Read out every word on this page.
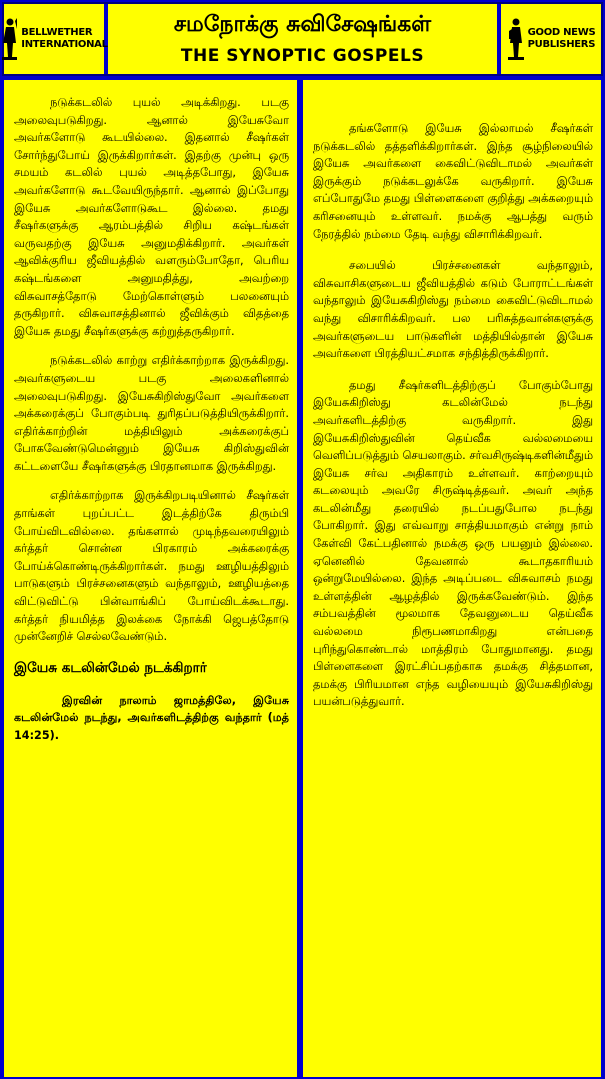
BELLWETHER
INTERNATIONAL
சமநோக்கு சுவிசேஷங்கள்
THE SYNOPTIC GOSPELS
GOOD NEWS
PUBLISHERS

நடுக்கடலில் புயல் அடிக்கிறது. படகு அலைவுபடுகிறது. ஆனால் இயேசுவோ அவர்களோடு கூடயில்லை. இதனால் சீஷர்கள் சோர்ந்துபோய் இருக்கிறார்கள். இதற்கு முன்பு ஒரு சமயம் கடலில் புயல் அடித்தபோது, இயேசு அவர்களோடு கூடவேயிருந்தார். ஆனால் இப்போது இயேசு அவர்களோடுகூட இல்லை. தமது சீஷர்களுக்கு ஆரம்பத்தில் சிறிய கஷ்டங்கள் வருவதற்கு இயேசு அனுமதிக்கிறார். அவர்கள் ஆவிக்குரிய ஜீவியத்தில் வளரும்போதோ, பெரிய கஷ்டங்களை அனுமதித்து, அவற்றை விசுவாசத்தோடு மேற்கொள்ளும் பலனையும் தருகிறார். விசுவாசத்தினால் ஜீவிக்கும் விதத்தை இயேசு தமது சீஷர்களுக்கு கற்றுத்தருகிறார்.

நடுக்கடலில் காற்று எதிர்க்காற்றாக இருக்கிறது. அவர்களுடைய படகு அலைகளினால் அலைவுபடுகிறது. இயேசுகிறிஸ்துவோ அவர்களை அக்கரைக்குப் போகும்படி துரிதப்படுத்தியிருக்கிறார். எதிர்க்காற்றின் மத்தியிலும் அக்கரைக்குப் போகவேண்டுமென்னும் இயேசு கிறிஸ்துவின் கட்டளையே சீஷர்களுக்கு பிரதானமாக இருக்கிறது.

எதிர்க்காற்றாக இருக்கிறபடியினால் சீஷர்கள் தாங்கள் புறப்பட்ட இடத்திற்கே திரும்பி போய்விடவில்லை. தங்களால் முடிந்தவரையிலும் கர்த்தர் சொன்ன பிரகாரம் அக்கரைக்கு போய்க்கொண்டிருக்கிறார்கள். நமது ஊழியத்திலும் பாடுகளும் பிரச்சனைகளும் வந்தாலும், ஊழியத்தை விட்டுவிட்டு பின்வாங்கிப் போய்விடக்கூடாது. கர்த்தர் நியமித்த இலக்கை நோக்கி ஜெபத்தோடு முன்னேறிச் செல்லவேண்டும்.

இயேசு கடலின்மேல் நடக்கிறார்

இரவின் நாலாம் ஜாமத்திலே, இயேசு கடலின்மேல் நடந்து, அவர்களிடத்திற்கு வந்தார் (மத் 14:25).

தங்களோடு இயேசு இல்லாமல் சீஷர்கள் நடுக்கடலில் தத்தளிக்கிறார்கள். இந்த சூழ்நிலையில் இயேசு அவர்களை கைவிட்டுவிடாமல் அவர்கள் இருக்கும் நடுக்கடலுக்கே வருகிறார். இயேசு எப்போதுமே தமது பிள்ளைகளை குறித்து அக்கறையும் கரிசனையும் உள்ளவர். நமக்கு ஆபத்து வரும் நேரத்தில் நம்மை தேடி வந்து விசாரிக்கிறவர்.

சபையில் பிரச்சனைகள் வந்தாலும், விசுவாசிகளுடைய ஜீவியத்தில் கடும் போராட்டங்கள் வந்தாலும் இயேசுகிறிஸ்து நம்மை கைவிட்டுவிடாமல் வந்து விசாரிக்கிறவர். பல பரிசுத்தவான்களுக்கு அவர்களுடைய பாடுகளின் மத்தியில்தான் இயேசு அவர்களை பிரத்தியட்சமாக சந்தித்திருக்கிறார்.

தமது சீஷர்களிடத்திற்குப் போகும்போது இயேசுகிறிஸ்து கடலின்மேல் நடந்து அவர்களிடத்திற்கு வருகிறார். இது இயேசுகிறிஸ்துவின் தெய்வீக வல்லமையை வெளிப்படுத்தும் செயலாகும். சர்வசிருஷ்டிகளின்மீதும் இயேசு சர்வ அதிகாரம் உள்ளவர். காற்றையும் கடலையும் அவரே சிருஷ்டித்தவர். அவர் அந்த கடலின்மீது தரையில் நடப்பதுபோல நடந்து போகிறார். இது எவ்வாறு சாத்தியமாகும் என்று நாம் கேள்வி கேட்பதினால் நமக்கு ஒரு பயனும் இல்லை. ஏனெனில் தேவனால் கூடாதகாரியம் ஒன்றுமேயில்லை. இந்த அடிப்படை விசுவாசம் நமது உள்ளத்தின் ஆழத்தில் இருக்கவேண்டும். இந்த சம்பவத்தின் மூலமாக தேவனுடைய தெய்வீக வல்லமை நிரூபணமாகிறது என்பதை புரிந்துகொண்டால் மாத்திரம் போதுமானது. தமது பிள்ளைகளை இரட்சிப்பதற்காக தமக்கு சித்தமான, தமக்கு பிரியமான எந்த வழியையும் இயேசுகிறிஸ்து பயன்படுத்துவார்.
